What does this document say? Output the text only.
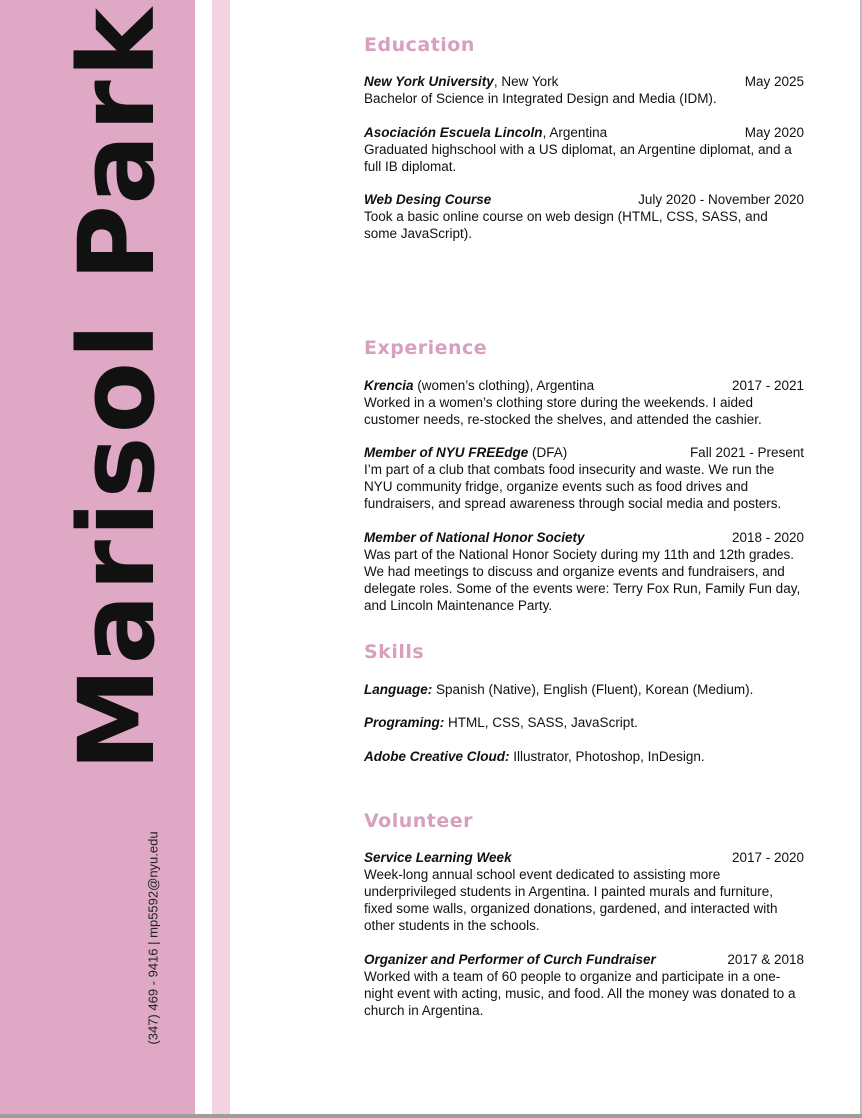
Marisol Park
(347) 469 - 9416 | mp5592@nyu.edu
Education
New York University, New York	May 2025
Bachelor of Science in Integrated Design and Media (IDM).
Asociación Escuela Lincoln, Argentina	May 2020
Graduated highschool with a US diplomat, an Argentine diplomat, and a full IB diplomat.
Web Desing Course	July 2020 - November 2020
Took a basic online course on web design (HTML, CSS, SASS, and some JavaScript).
Experience
Krencia (women’s clothing), Argentina	2017 - 2021
Worked in a women’s clothing store during the weekends. I aided customer needs, re-stocked the shelves, and attended the cashier.
Member of NYU FREEdge (DFA)	Fall 2021 - Present
I’m part of a club that combats food insecurity and waste. We run the NYU community fridge, organize events such as food drives and fundraisers, and spread awareness through social media and posters.
Member of National Honor Society	2018 - 2020
Was part of the National Honor Society during my 11th and 12th grades. We had meetings to discuss and organize events and fundraisers, and delegate roles. Some of the events were: Terry Fox Run, Family Fun day, and Lincoln Maintenance Party.
Skills
Language: Spanish (Native), English (Fluent), Korean (Medium).
Programing: HTML, CSS, SASS, JavaScript.
Adobe Creative Cloud: Illustrator, Photoshop, InDesign.
Volunteer
Service Learning Week	2017 - 2020
Week-long annual school event dedicated to assisting more underprivileged students in Argentina. I painted murals and furniture, fixed some walls, organized donations, gardened, and interacted with other students in the schools.
Organizer and Performer of Curch Fundraiser	2017 & 2018
Worked with a team of 60 people to organize and participate in a one-night event with acting, music, and food. All the money was donated to a church in Argentina.
